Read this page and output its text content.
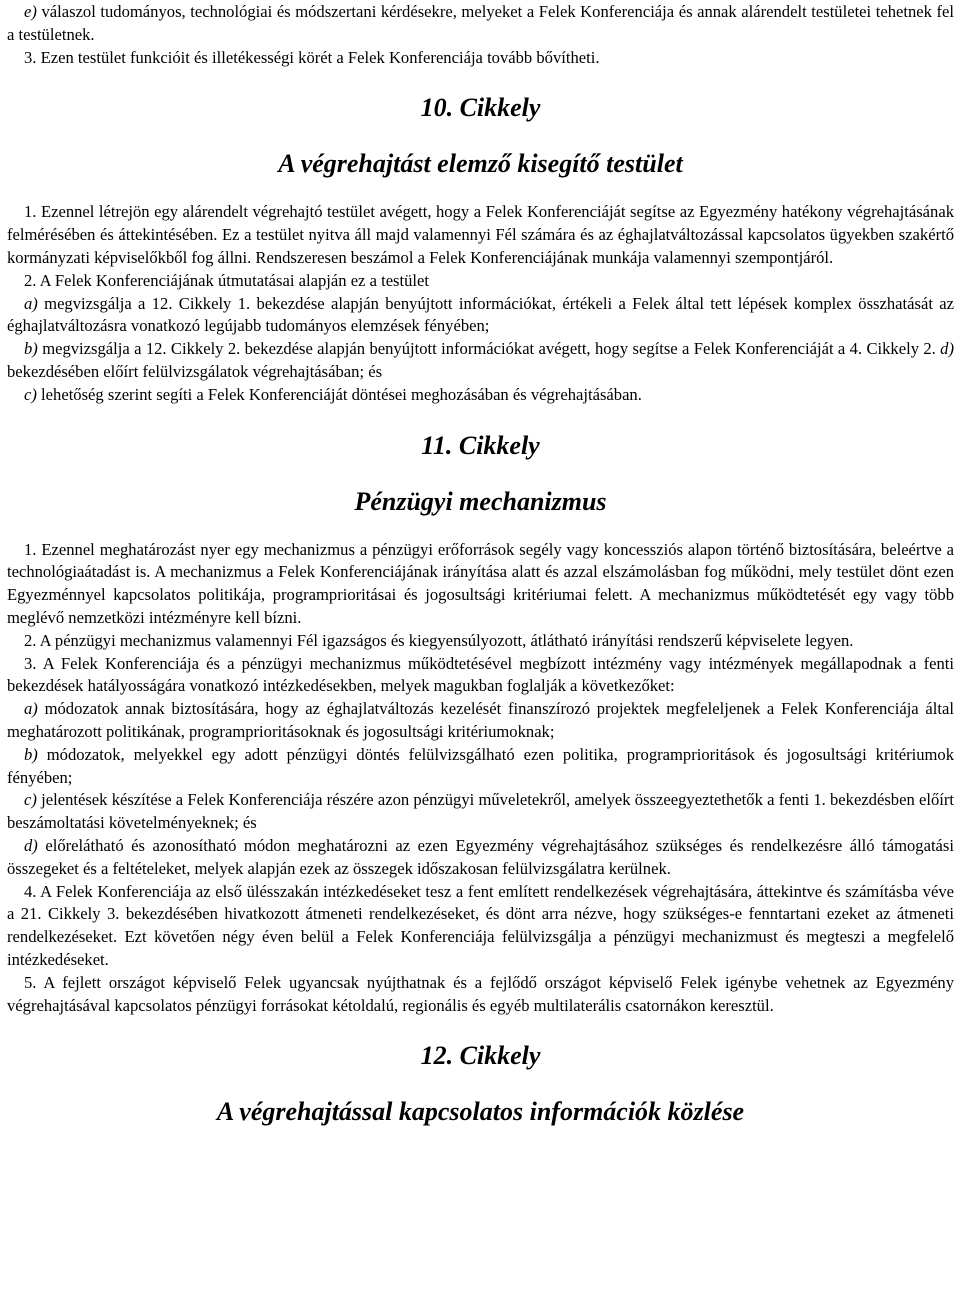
e) válaszol tudományos, technológiai és módszertani kérdésekre, melyeket a Felek Konferenciája és annak alárendelt testületei tehetnek fel a testületnek.

3. Ezen testület funkcióit és illetékességi körét a Felek Konferenciája tovább bővítheti.

10. Cikkely
A végrehajtást elemző kisegítő testület

1. Ezennel létrejön egy alárendelt végrehajtó testület avégett, hogy a Felek Konferenciáját segítse az Egyezmény hatékony végrehajtásának felmérésében és áttekintésében. Ez a testület nyitva áll majd valamennyi Fél számára és az éghajlatváltozással kapcsolatos ügyekben szakértő kormányzati képviselőkből fog állni. Rendszeresen beszámol a Felek Konferenciájának munkája valamennyi szempontjáról.

2. A Felek Konferenciájának útmutatásai alapján ez a testület

a) megvizsgálja a 12. Cikkely 1. bekezdése alapján benyújtott információkat, értékeli a Felek által tett lépések komplex összhatását az éghajlatváltozásra vonatkozó legújabb tudományos elemzések fényében;

b) megvizsgálja a 12. Cikkely 2. bekezdése alapján benyújtott információkat avégett, hogy segítse a Felek Konferenciáját a 4. Cikkely 2. d) bekezdésében előírt felülvizsgálatok végrehajtásában; és

c) lehetőség szerint segíti a Felek Konferenciáját döntései meghozásában és végrehajtásában.

11. Cikkely
Pénzügyi mechanizmus

1. Ezennel meghatározást nyer egy mechanizmus a pénzügyi erőforrások segély vagy koncessziós alapon történő biztosítására, beleértve a technológiaátadást is. A mechanizmus a Felek Konferenciájának irányítása alatt és azzal elszámolásban fog működni, mely testület dönt ezen Egyezménnyel kapcsolatos politikája, programprioritásai és jogosultsági kritériumai felett. A mechanizmus működtetését egy vagy több meglévő nemzetközi intézményre kell bízni.

2. A pénzügyi mechanizmus valamennyi Fél igazságos és kiegyensúlyozott, átlátható irányítási rendszerű képviselete legyen.

3. A Felek Konferenciája és a pénzügyi mechanizmus működtetésével megbízott intézmény vagy intézmények megállapodnak a fenti bekezdések hatályosságára vonatkozó intézkedésekben, melyek magukban foglalják a következőket:

a) módozatok annak biztosítására, hogy az éghajlatváltozás kezelését finanszírozó projektek megfeleljenek a Felek Konferenciája által meghatározott politikának, programprioritásoknak és jogosultsági kritériumoknak;

b) módozatok, melyekkel egy adott pénzügyi döntés felülvizsgálható ezen politika, programprioritások és jogosultsági kritériumok fényében;

c) jelentések készítése a Felek Konferenciája részére azon pénzügyi műveletekről, amelyek összeegyeztethetők a fenti 1. bekezdésben előírt beszámoltatási követelményeknek; és

d) előrelátható és azonosítható módon meghatározni az ezen Egyezmény végrehajtásához szükséges és rendelkezésre álló támogatási összegeket és a feltételeket, melyek alapján ezek az összegek időszakosan felülvizsgálatra kerülnek.

4. A Felek Konferenciája az első ülésszakán intézkedéseket tesz a fent említett rendelkezések végrehajtására, áttekintve és számításba véve a 21. Cikkely 3. bekezdésében hivatkozott átmeneti rendelkezéseket, és dönt arra nézve, hogy szükséges-e fenntartani ezeket az átmeneti rendelkezéseket. Ezt követően négy éven belül a Felek Konferenciája felülvizsgálja a pénzügyi mechanizmust és megteszi a megfelelő intézkedéseket.

5. A fejlett országot képviselő Felek ugyancsak nyújthatnak és a fejlődő országot képviselő Felek igénybe vehetnek az Egyezmény végrehajtásával kapcsolatos pénzügyi forrásokat kétoldalú, regionális és egyéb multilaterális csatornákon keresztül.

12. Cikkely
A végrehajtással kapcsolatos információk közlése
